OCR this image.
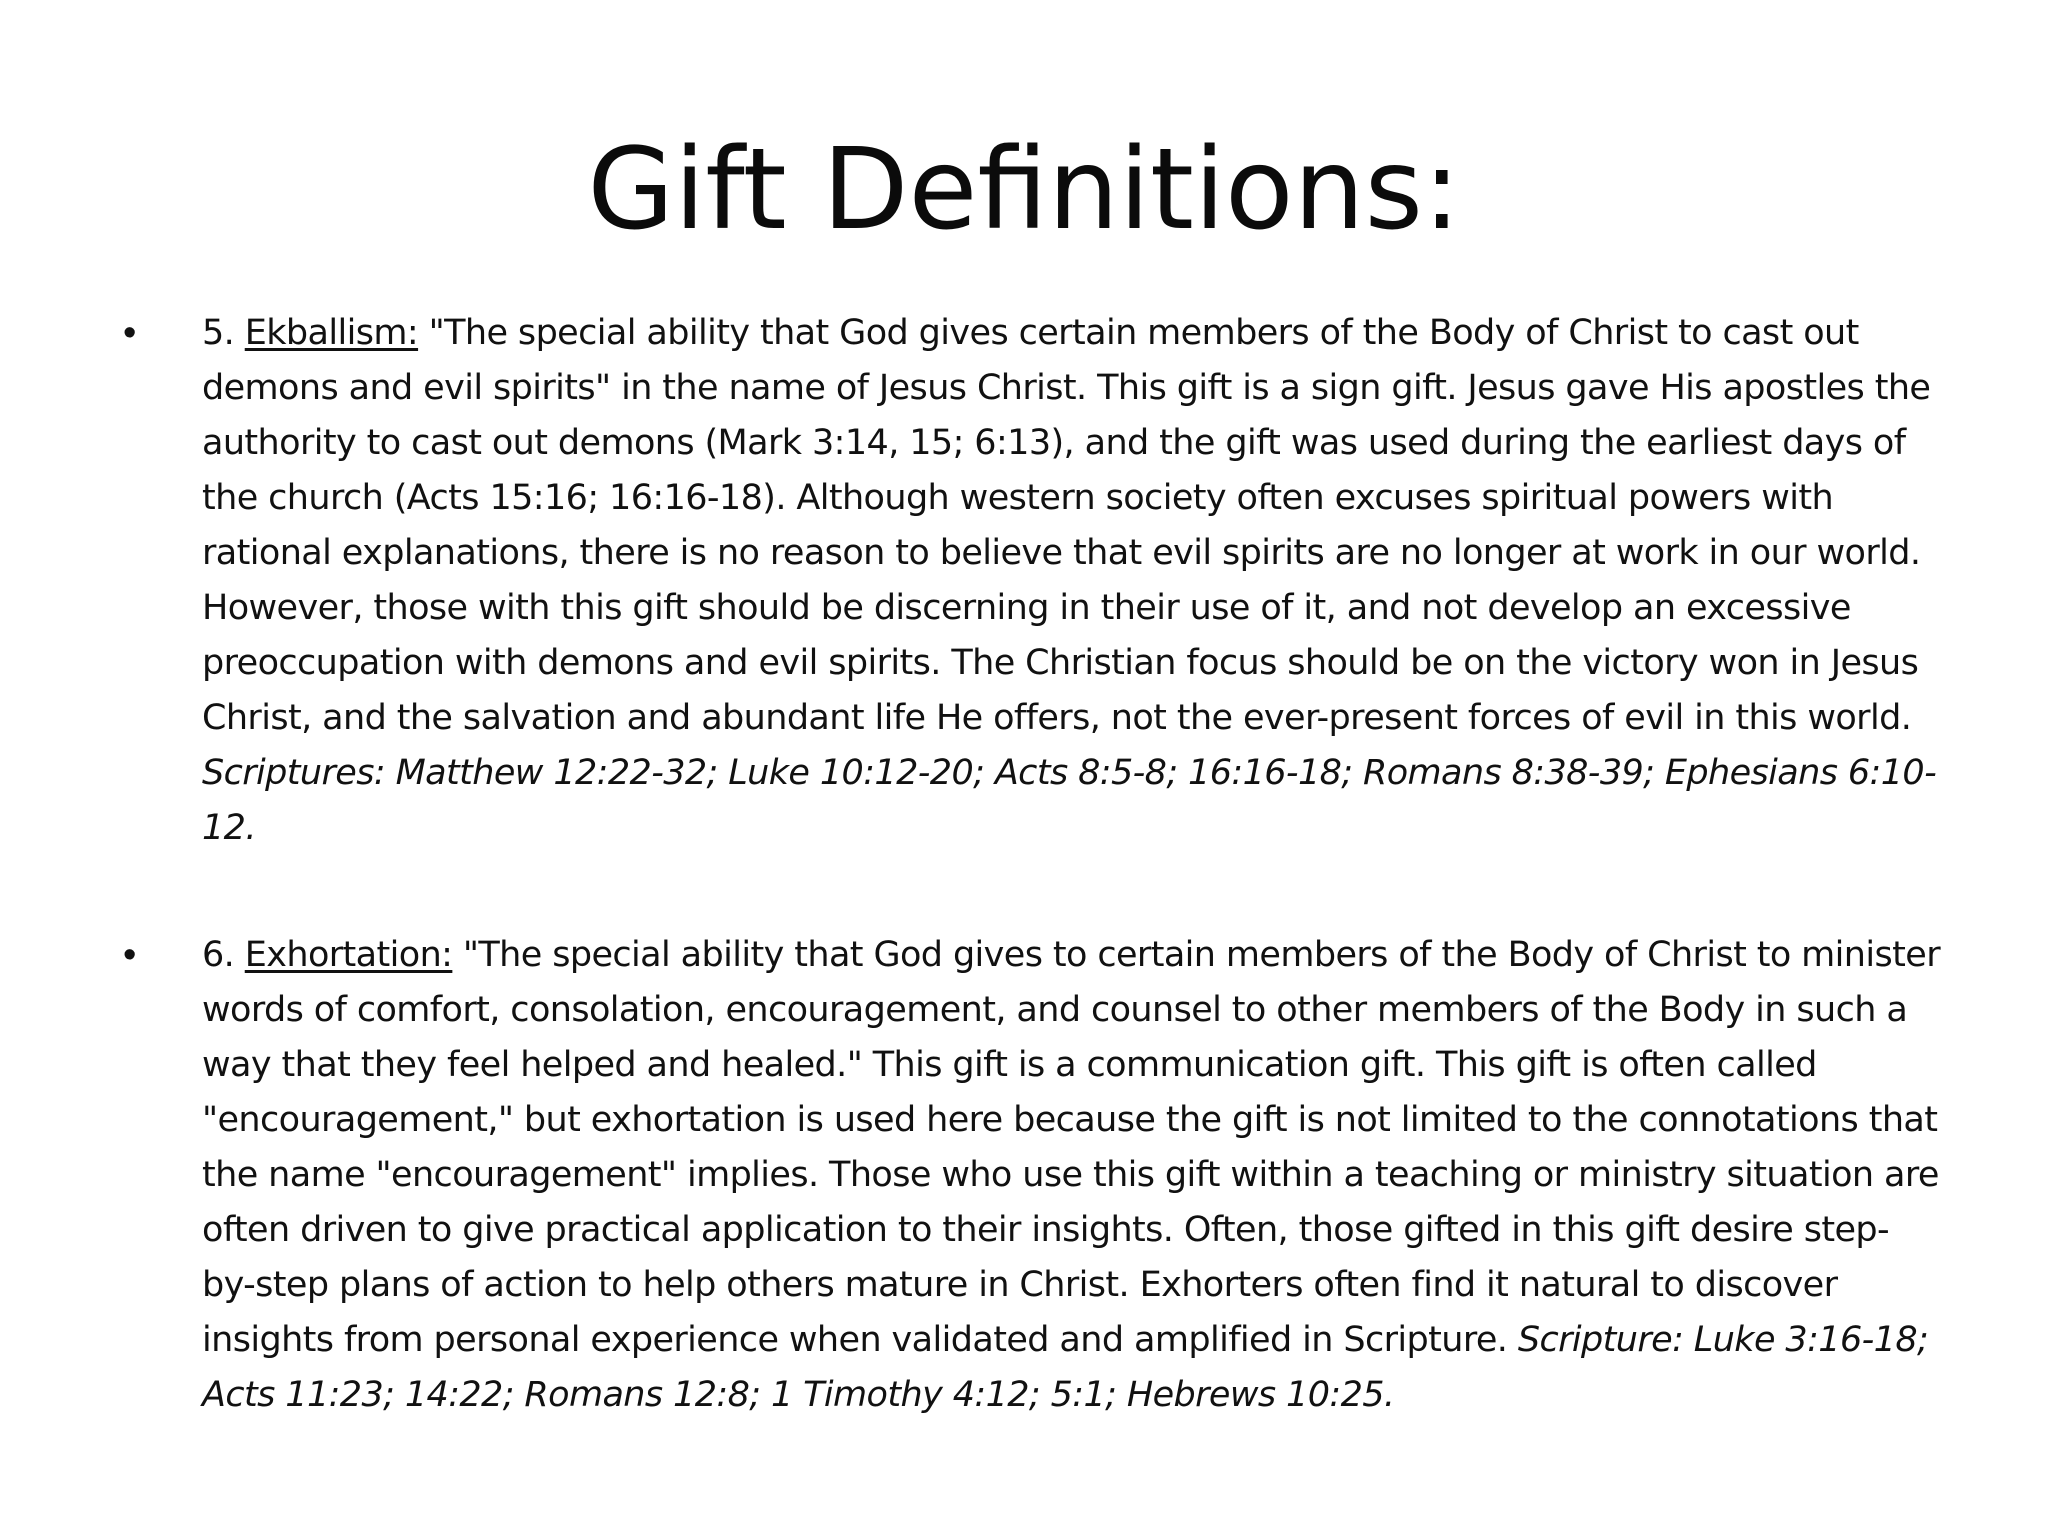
Gift Definitions:
• 5. Ekballism: "The special ability that God gives certain members of the Body of Christ to cast out demons and evil spirits" in the name of Jesus Christ. This gift is a sign gift. Jesus gave His apostles the authority to cast out demons (Mark 3:14, 15; 6:13), and the gift was used during the earliest days of the church (Acts 15:16; 16:16-18). Although western society often excuses spiritual powers with rational explanations, there is no reason to believe that evil spirits are no longer at work in our world. However, those with this gift should be discerning in their use of it, and not develop an excessive preoccupation with demons and evil spirits. The Christian focus should be on the victory won in Jesus Christ, and the salvation and abundant life He offers, not the ever-present forces of evil in this world. Scriptures: Matthew 12:22-32; Luke 10:12-20; Acts 8:5-8; 16:16-18; Romans 8:38-39; Ephesians 6:10-12.

• 6. Exhortation: "The special ability that God gives to certain members of the Body of Christ to minister words of comfort, consolation, encouragement, and counsel to other members of the Body in such a way that they feel helped and healed." This gift is a communication gift. This gift is often called "encouragement," but exhortation is used here because the gift is not limited to the connotations that the name "encouragement" implies. Those who use this gift within a teaching or ministry situation are often driven to give practical application to their insights. Often, those gifted in this gift desire step-by-step plans of action to help others mature in Christ. Exhorters often find it natural to discover insights from personal experience when validated and amplified in Scripture. Scripture: Luke 3:16-18; Acts 11:23; 14:22; Romans 12:8; 1 Timothy 4:12; 5:1; Hebrews 10:25.
